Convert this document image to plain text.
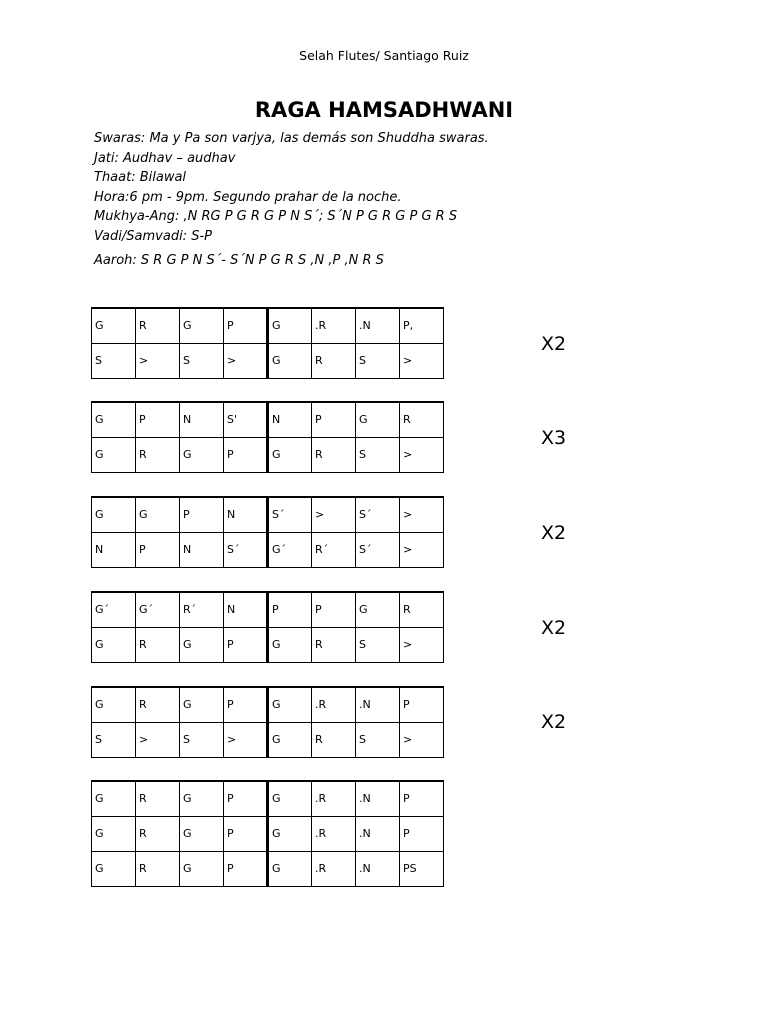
Selah Flutes/ Santiago Ruiz
RAGA HAMSADHWANI
Swaras: Ma y Pa son varjya, las demás son Shuddha swaras.
Jati: Audhav – audhav
Thaat: Bilawal
Hora:6 pm - 9pm. Segundo prahar de la noche.
Mukhya-Ang: ,N RG P G R G P N S´; S´N P G R G P G R S
Vadi/Samvadi: S-P
Aaroh: S R G P N S´- S´N P G R S ,N ,P ,N R S
G	R	G	P	G	.R	.N	P,
S	>	S	>	G	R	S	>
X2
G	P	N	S'	N	P	G	R
G	R	G	P	G	R	S	>
X3
G	G	P	N	S´	>	S´	>
N	P	N	S´	G´	R´	S´	>
X2
G´	G´	R´	N	P	P	G	R
G	R	G	P	G	R	S	>
X2
G	R	G	P	G	.R	.N	P
S	>	S	>	G	R	S	>
X2
G	R	G	P	G	.R	.N	P
G	R	G	P	G	.R	.N	P
G	R	G	P	G	.R	.N	PS
